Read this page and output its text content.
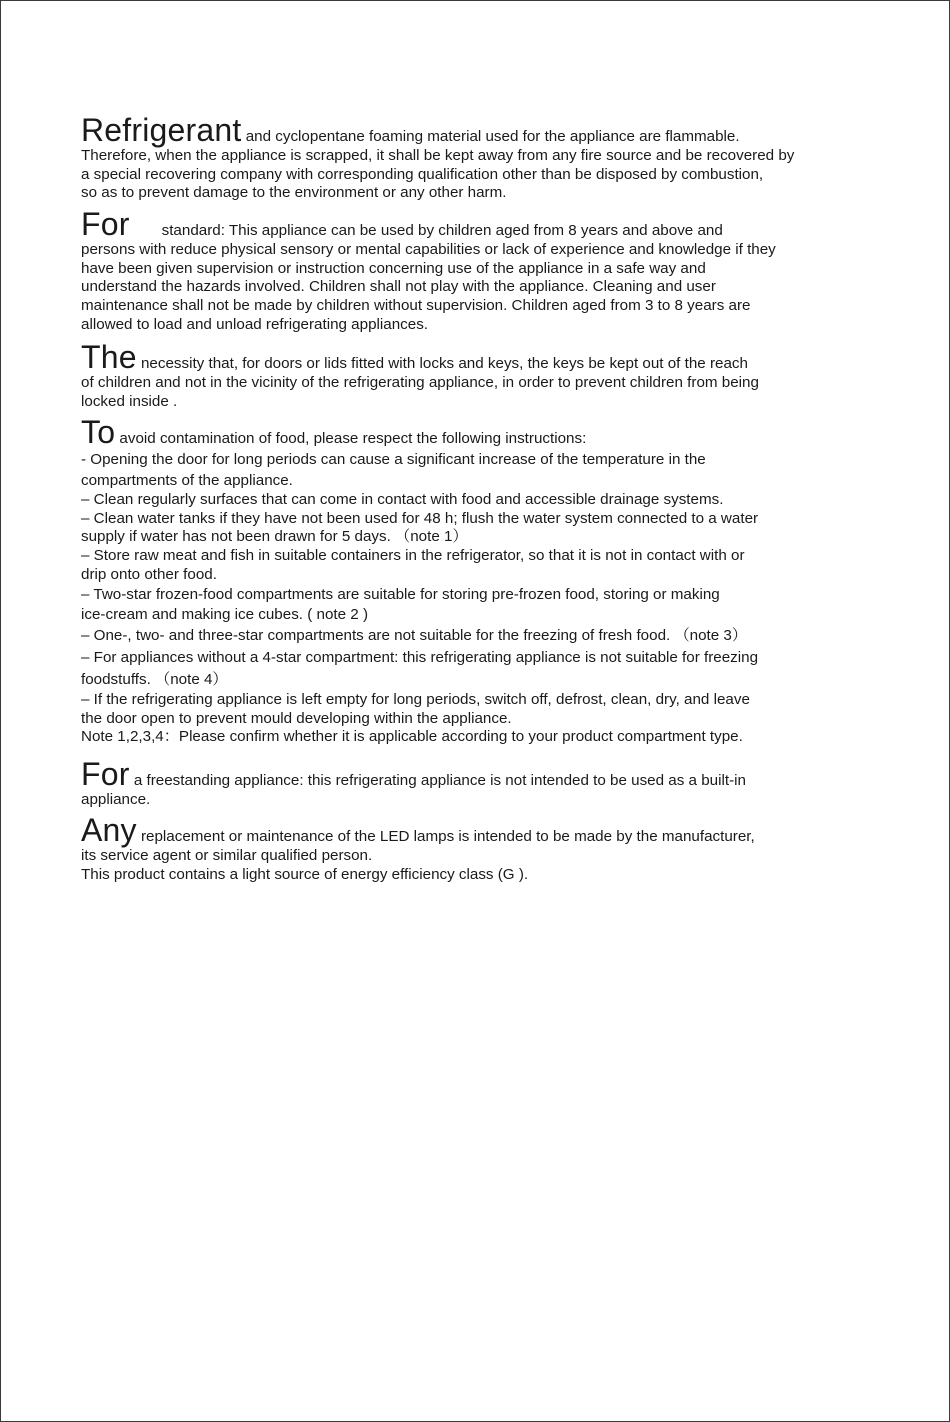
Refrigerant and cyclopentane foaming material used for the appliance are flammable.
Therefore, when the appliance is scrapped, it shall be kept away from any fire source and be recovered by
a special recovering company with corresponding qualification other than be disposed by combustion,
so as to prevent damage to the environment or any other harm.
For standard: This appliance can be used by children aged from 8 years and above and
persons with reduce physical sensory or mental capabilities or lack of experience and knowledge if they
have been given supervision or instruction concerning use of the appliance in a safe way and
understand the hazards involved. Children shall not play with the appliance. Cleaning and user
maintenance shall not be made by children without supervision. Children aged from 3 to 8 years are
allowed to load and unload refrigerating appliances.
The necessity that, for doors or lids fitted with locks and keys, the keys be kept out of the reach
of children and not in the vicinity of the refrigerating appliance, in order to prevent children from being
locked inside .
To avoid contamination of food, please respect the following instructions:
- Opening the door for long periods can cause a significant increase of the temperature in the
compartments of the appliance.
– Clean regularly surfaces that can come in contact with food and accessible drainage systems.
– Clean water tanks if they have not been used for 48 h; flush the water system connected to a water
supply if water has not been drawn for 5 days. （note 1）
– Store raw meat and fish in suitable containers in the refrigerator, so that it is not in contact with or
drip onto other food.
– Two-star frozen-food compartments are suitable for storing pre-frozen food, storing or making
ice-cream and making ice cubes. ( note 2 )
– One-, two- and three-star compartments are not suitable for the freezing of fresh food. （note 3）
– For appliances without a 4-star compartment: this refrigerating appliance is not suitable for freezing
foodstuffs. （note 4）
– If the refrigerating appliance is left empty for long periods, switch off, defrost, clean, dry, and leave
the door open to prevent mould developing within the appliance.
Note 1,2,3,4：Please confirm whether it is applicable according to your product compartment type.
For a freestanding appliance: this refrigerating appliance is not intended to be used as a built-in
appliance.
Any replacement or maintenance of the LED lamps is intended to be made by the manufacturer,
its service agent or similar qualified person.
This product contains a light source of energy efficiency class (G ).
